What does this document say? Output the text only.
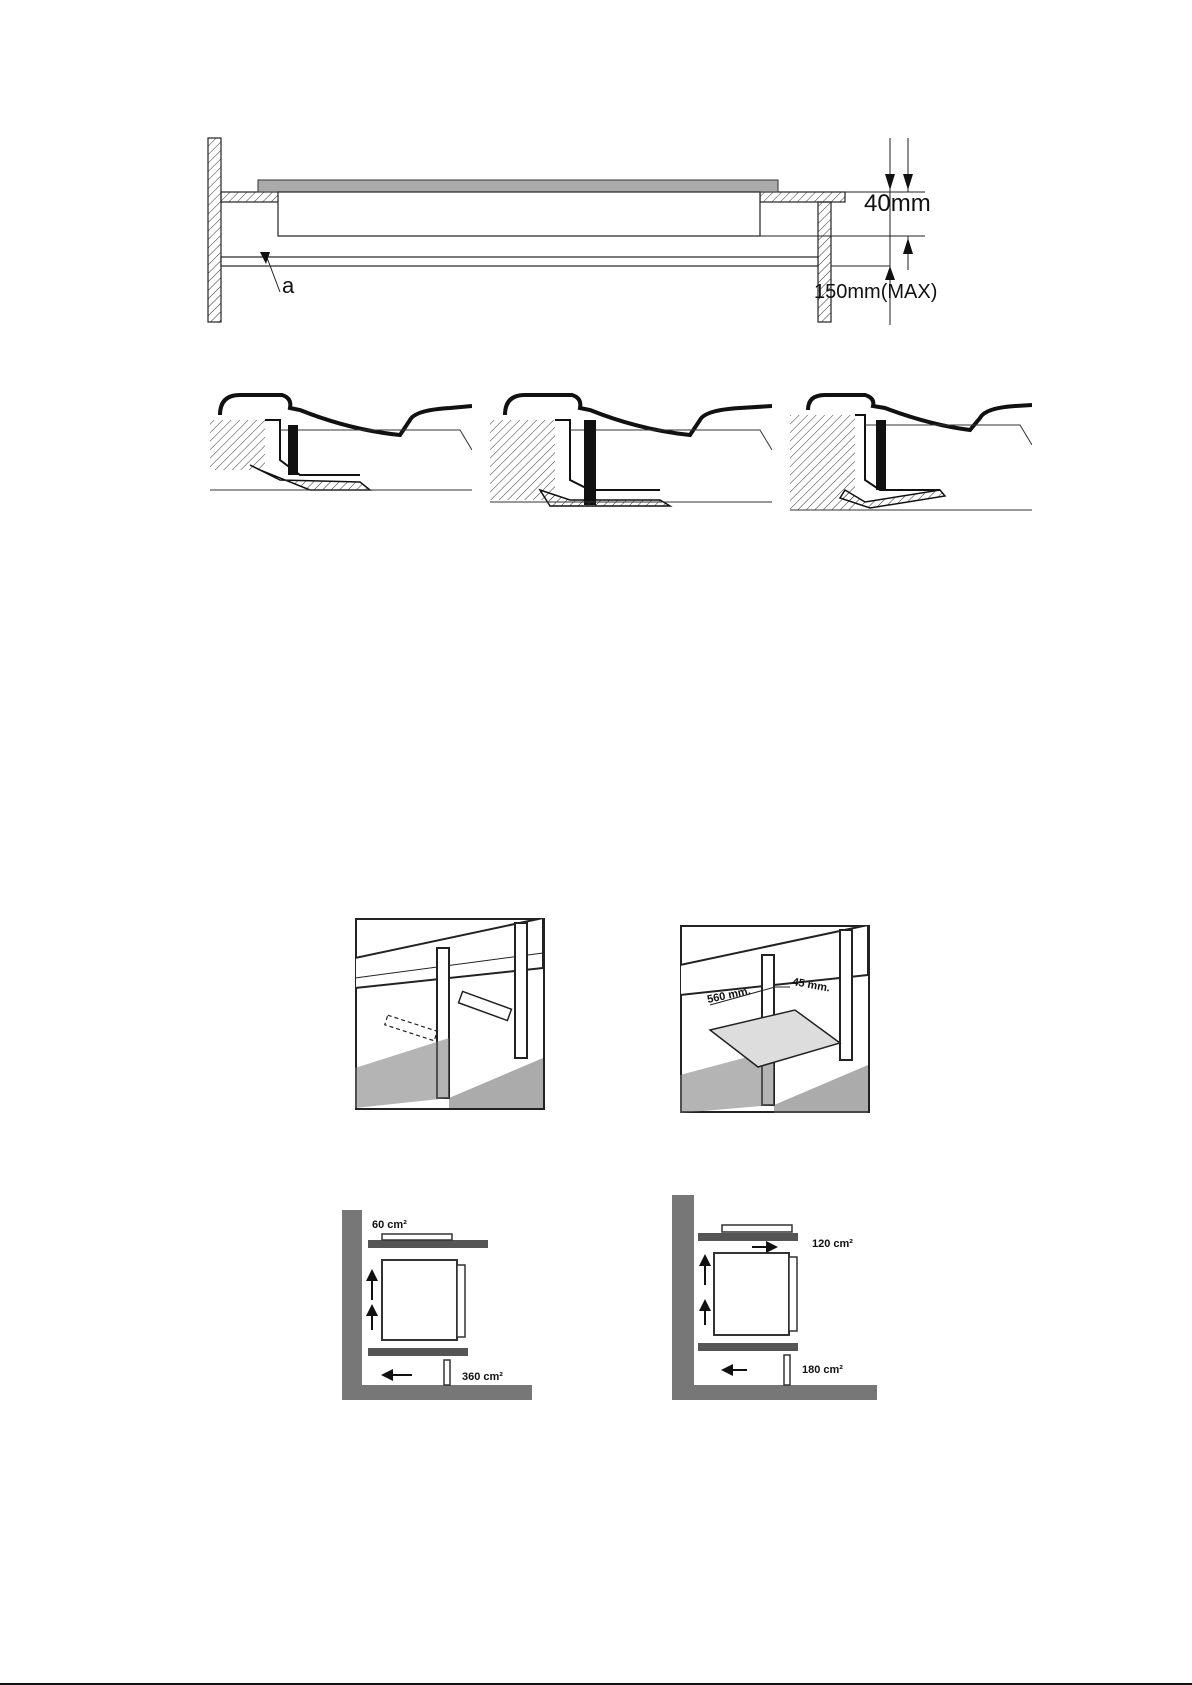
a
40mm
150mm(MAX)
560 mm.	45 mm.
60 cm²
360 cm²
120 cm²
180 cm²
